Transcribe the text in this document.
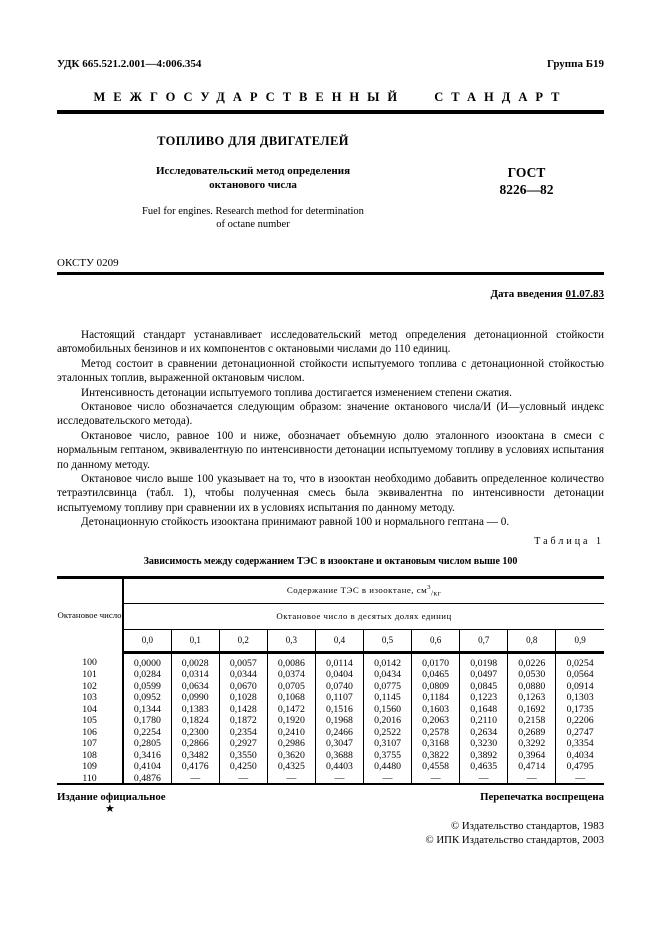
УДК 665.521.2.001—4:006.354	Группа Б19
МЕЖГОСУДАРСТВЕННЫЙ СТАНДАРТ
ТОПЛИВО ДЛЯ ДВИГАТЕЛЕЙ
Исследовательский метод определения
октанового числа
Fuel for engines. Research method for determination
of octane number
ГОСТ
8226—82
ОКСТУ 0209
Дата введения 01.07.83

Настоящий стандарт устанавливает исследовательский метод определения детонационной стойкости автомобильных бензинов и их компонентов с октановыми числами до 110 единиц.

Метод состоит в сравнении детонационной стойкости испытуемого топлива с детонационной стойкостью эталонных топлив, выраженной октановым числом.

Интенсивность детонации испытуемого топлива достигается изменением степени сжатия.

Октановое число обозначается следующим образом: значение октанового числа/И (И—условный индекс исследовательского метода).

Октановое число, равное 100 и ниже, обозначает объемную долю эталонного изооктана в смеси с нормальным гептаном, эквивалентную по интенсивности детонации испытуемому топливу в условиях испытания по данному методу.

Октановое число выше 100 указывает на то, что в изооктан необходимо добавить определенное количество тетраэтилсвинца (табл. 1), чтобы полученная смесь была эквивалентна по интенсивности детонации испытуемому топливу при сравнении их в условиях испытания по данному методу.

Детонационную стойкость изооктана принимают равной 100 и нормального гептана — 0.

Таблица 1
Зависимость между содержанием ТЭС в изооктане и октановым числом выше 100
Октановое число	Содержание ТЭС в изооктане, $см^3/кг$									
	Октановое число в десятых долях единиц									
	0,0	0,1	0,2	0,3	0,4	0,5	0,6	0,7	0,8	0,9
100	0,0000	0,0028	0,0057	0,0086	0,0114	0,0142	0,0170	0,0198	0,0226	0,0254
101	0,0284	0,0314	0,0344	0,0374	0,0404	0,0434	0,0465	0,0497	0,0530	0,0564
102	0,0599	0,0634	0,0670	0,0705	0,0740	0,0775	0,0809	0,0845	0,0880	0,0914
103	0,0952	0,0990	0,1028	0,1068	0,1107	0,1145	0,1184	0,1223	0,1263	0,1303
104	0,1344	0,1383	0,1428	0,1472	0,1516	0,1560	0,1603	0,1648	0,1692	0,1735
105	0,1780	0,1824	0,1872	0,1920	0,1968	0,2016	0,2063	0,2110	0,2158	0,2206
106	0,2254	0,2300	0,2354	0,2410	0,2466	0,2522	0,2578	0,2634	0,2689	0,2747
107	0,2805	0,2866	0,2927	0,2986	0,3047	0,3107	0,3168	0,3230	0,3292	0,3354
108	0,3416	0,3482	0,3550	0,3620	0,3688	0,3755	0,3822	0,3892	0,3964	0,4034
109	0,4104	0,4176	0,4250	0,4325	0,4403	0,4480	0,4558	0,4635	0,4714	0,4795
110	0,4876	—	—	—	—	—	—	—	—	—
Издание официальное	Перепечатка воспрещена
★
© Издательство стандартов, 1983
© ИПК Издательство стандартов, 2003
